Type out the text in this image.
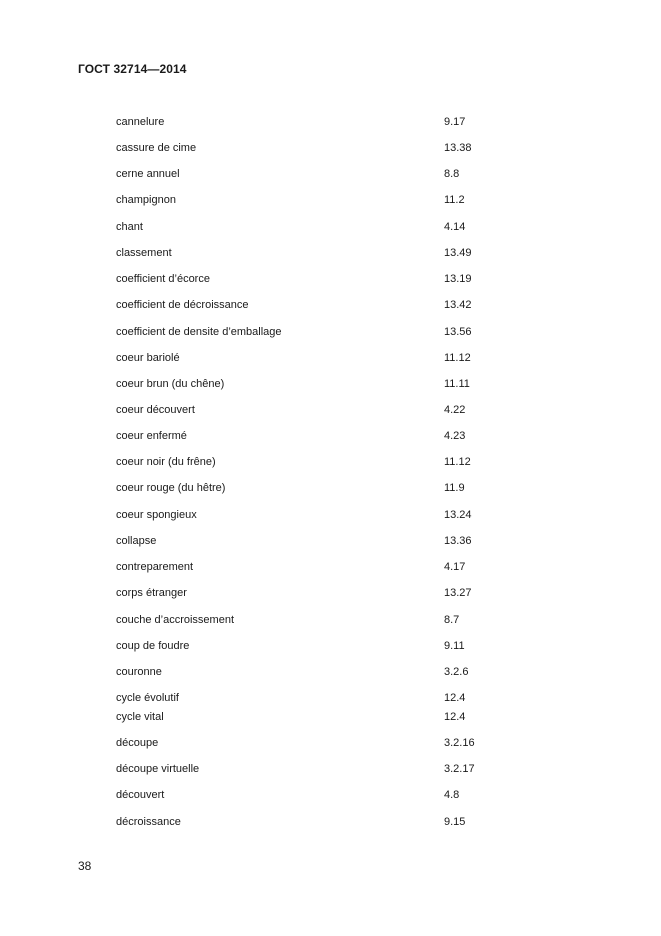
ГОСТ 32714—2014
cannelure	9.17
cassure de cime	13.38
cerne annuel	8.8
champignon	11.2
chant	4.14
classement	13.49
coefficient d’écorce	13.19
coefficient de décroissance	13.42
coefficient de densite d’emballage	13.56
coeur bariolé	11.12
coeur brun (du chêne)	11.11
coeur découvert	4.22
coeur enfermé	4.23
coeur noir (du frêne)	11.12
coeur rouge (du hêtre)	11.9
coeur spongieux	13.24
collapse	13.36
contreparement	4.17
corps étranger	13.27
couche d’accroissement	8.7
coup de foudre	9.11
couronne	3.2.6
cycle évolutif	12.4
cycle vital	12.4
découpe	3.2.16
découpe virtuelle	3.2.17
découvert	4.8
décroissance	9.15
38
